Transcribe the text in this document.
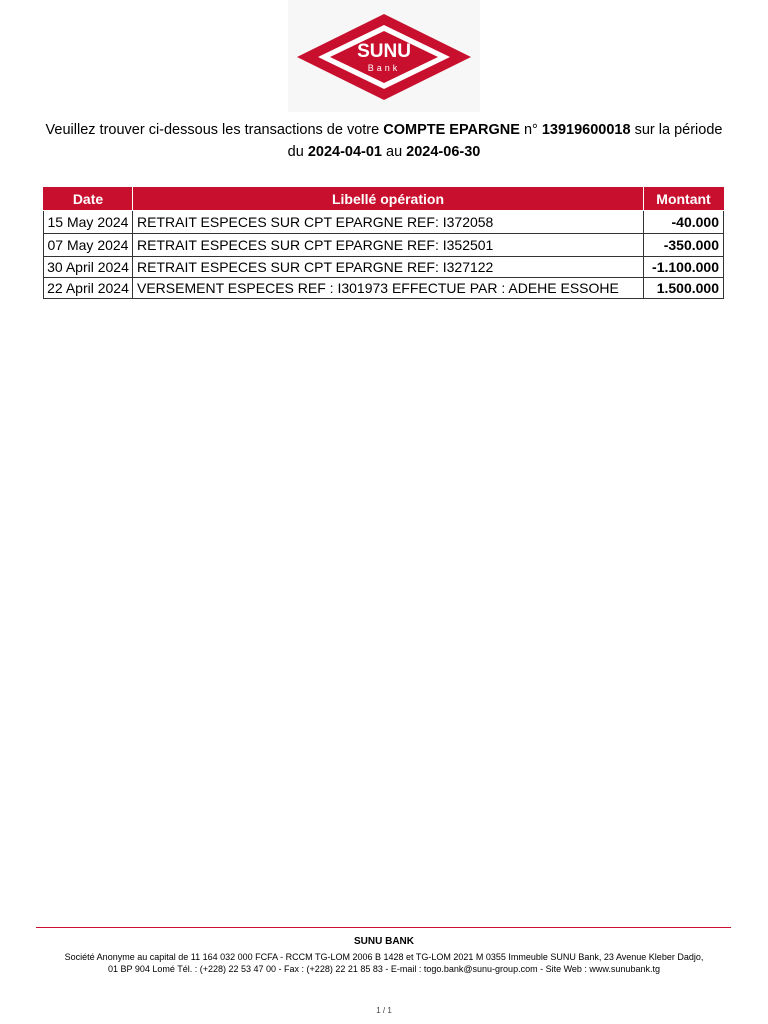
SUNU
Bank
Veuillez trouver ci-dessous les transactions de votre COMPTE EPARGNE n° 13919600018 sur la période du 2024-04-01 au 2024-06-30
Date	Libellé opération	Montant
15 May 2024	RETRAIT ESPECES SUR CPT EPARGNE REF: I372058	-40.000
07 May 2024	RETRAIT ESPECES SUR CPT EPARGNE REF: I352501	-350.000
30 April 2024	RETRAIT ESPECES SUR CPT EPARGNE REF: I327122	-1.100.000
22 April 2024	VERSEMENT ESPECES REF : I301973 EFFECTUE PAR : ADEHE ESSOHE	1.500.000
SUNU BANK
Société Anonyme au capital de 11 164 032 000 FCFA - RCCM TG-LOM 2006 B 1428 et TG-LOM 2021 M 0355 Immeuble SUNU Bank, 23 Avenue Kleber Dadjo,
01 BP 904 Lomé Tél. : (+228) 22 53 47 00 - Fax : (+228) 22 21 85 83 - E-mail : togo.bank@sunu-group.com - Site Web : www.sunubank.tg
1 / 1
